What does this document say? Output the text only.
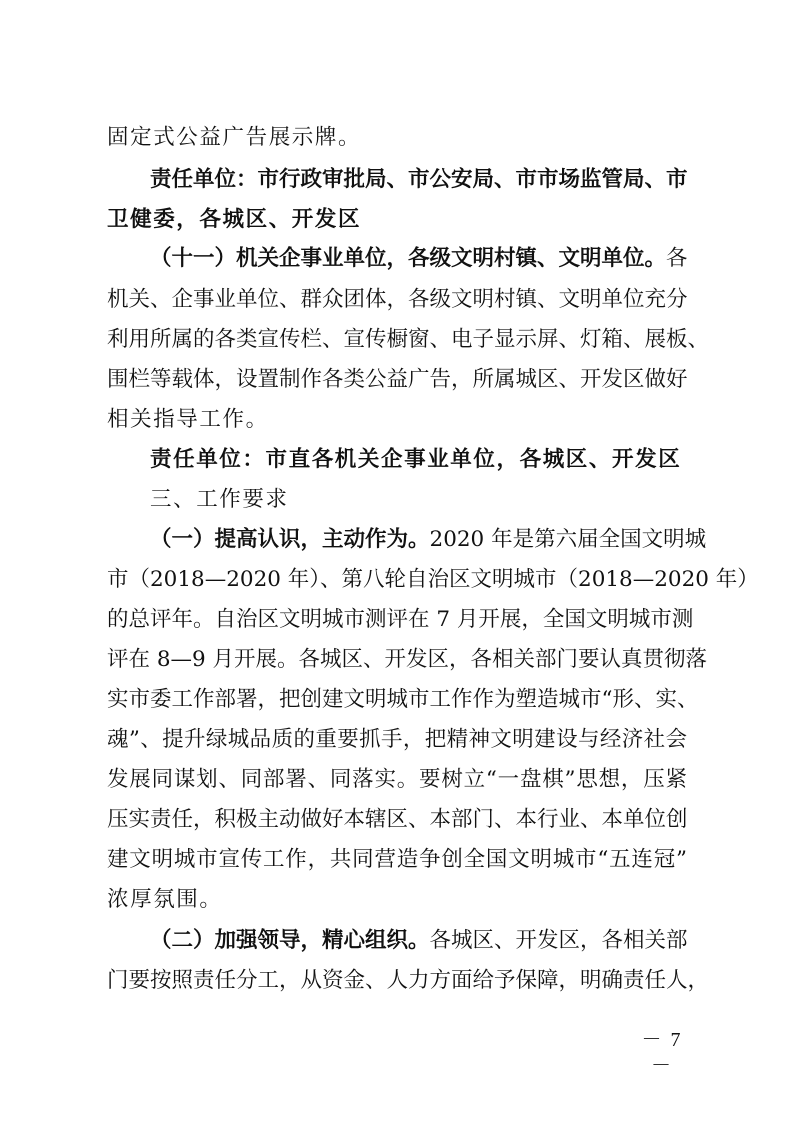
固定式公益广告展示牌。
责任单位：市行政审批局、市公安局、市市场监管局、市
卫健委，各城区、开发区
（十一）机关企事业单位，各级文明村镇、文明单位。各
机关、企事业单位、群众团体，各级文明村镇、文明单位充分
利用所属的各类宣传栏、宣传橱窗、电子显示屏、灯箱、展板、
围栏等载体，设置制作各类公益广告，所属城区、开发区做好
相关指导工作。
责任单位：市直各机关企事业单位，各城区、开发区
三、工作要求
（一）提高认识，主动作为。2020 年是第六届全国文明城
市（2018—2020 年）、第八轮自治区文明城市（2018—2020 年）
的总评年。自治区文明城市测评在 7 月开展，全国文明城市测
评在 8—9 月开展。各城区、开发区，各相关部门要认真贯彻落
实市委工作部署，把创建文明城市工作作为塑造城市“形、实、
魂”、提升绿城品质的重要抓手，把精神文明建设与经济社会
发展同谋划、同部署、同落实。要树立“一盘棋”思想，压紧
压实责任，积极主动做好本辖区、本部门、本行业、本单位创
建文明城市宣传工作，共同营造争创全国文明城市“五连冠”
浓厚氛围。
（二）加强领导，精心组织。各城区、开发区，各相关部
门要按照责任分工，从资金、人力方面给予保障，明确责任人，
－ 7 －
